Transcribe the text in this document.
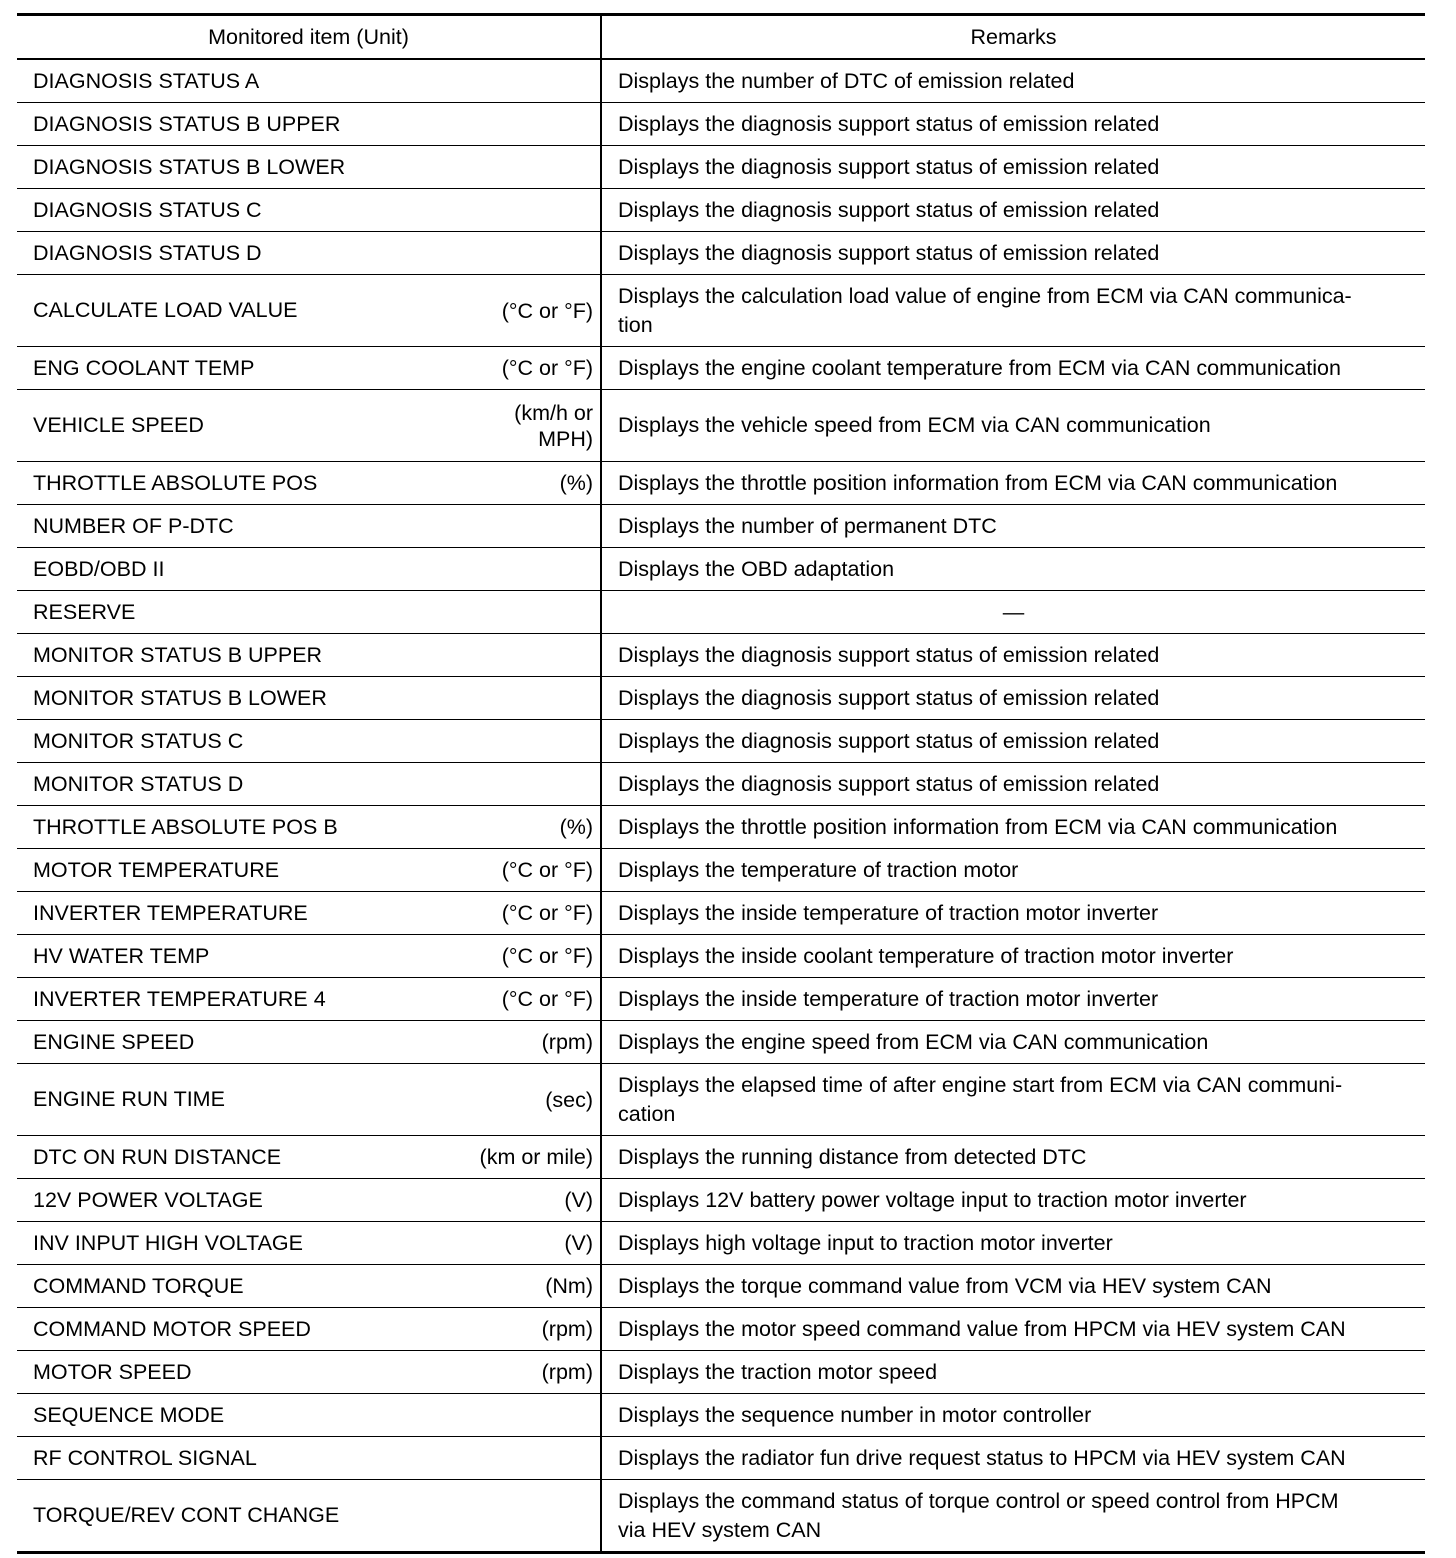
Monitored item (Unit)	Remarks

DIAGNOSIS STATUS A	Displays the number of DTC of emission related

DIAGNOSIS STATUS B UPPER	Displays the diagnosis support status of emission related

DIAGNOSIS STATUS B LOWER	Displays the diagnosis support status of emission related

DIAGNOSIS STATUS C	Displays the diagnosis support status of emission related

DIAGNOSIS STATUS D	Displays the diagnosis support status of emission related

CALCULATE LOAD VALUE (°C or °F)	Displays the calculation load value of engine from ECM via CAN communica-
tion

ENG COOLANT TEMP (°C or °F)	Displays the engine coolant temperature from ECM via CAN communication

VEHICLE SPEED
(km/h or
MPH)	Displays the vehicle speed from ECM via CAN communication

THROTTLE ABSOLUTE POS (%)	Displays the throttle position information from ECM via CAN communication

NUMBER OF P-DTC	Displays the number of permanent DTC

EOBD/OBD II	Displays the OBD adaptation

RESERVE	—

MONITOR STATUS B UPPER	Displays the diagnosis support status of emission related

MONITOR STATUS B LOWER	Displays the diagnosis support status of emission related

MONITOR STATUS C	Displays the diagnosis support status of emission related

MONITOR STATUS D	Displays the diagnosis support status of emission related

THROTTLE ABSOLUTE POS B (%)	Displays the throttle position information from ECM via CAN communication

MOTOR TEMPERATURE (°C or °F)	Displays the temperature of traction motor

INVERTER TEMPERATURE (°C or °F)	Displays the inside temperature of traction motor inverter

HV WATER TEMP (°C or °F)	Displays the inside coolant temperature of traction motor inverter

INVERTER TEMPERATURE 4 (°C or °F)	Displays the inside temperature of traction motor inverter

ENGINE SPEED (rpm)	Displays the engine speed from ECM via CAN communication

ENGINE RUN TIME (sec)	Displays the elapsed time of after engine start from ECM via CAN communi-
cation

DTC ON RUN DISTANCE (km or mile)	Displays the running distance from detected DTC

12V POWER VOLTAGE (V)	Displays 12V battery power voltage input to traction motor inverter

INV INPUT HIGH VOLTAGE (V)	Displays high voltage input to traction motor inverter

COMMAND TORQUE (Nm)	Displays the torque command value from VCM via HEV system CAN

COMMAND MOTOR SPEED (rpm)	Displays the motor speed command value from HPCM via HEV system CAN

MOTOR SPEED (rpm)	Displays the traction motor speed

SEQUENCE MODE	Displays the sequence number in motor controller

RF CONTROL SIGNAL	Displays the radiator fun drive request status to HPCM via HEV system CAN

TORQUE/REV CONT CHANGE	Displays the command status of torque control or speed control from HPCM
via HEV system CAN
